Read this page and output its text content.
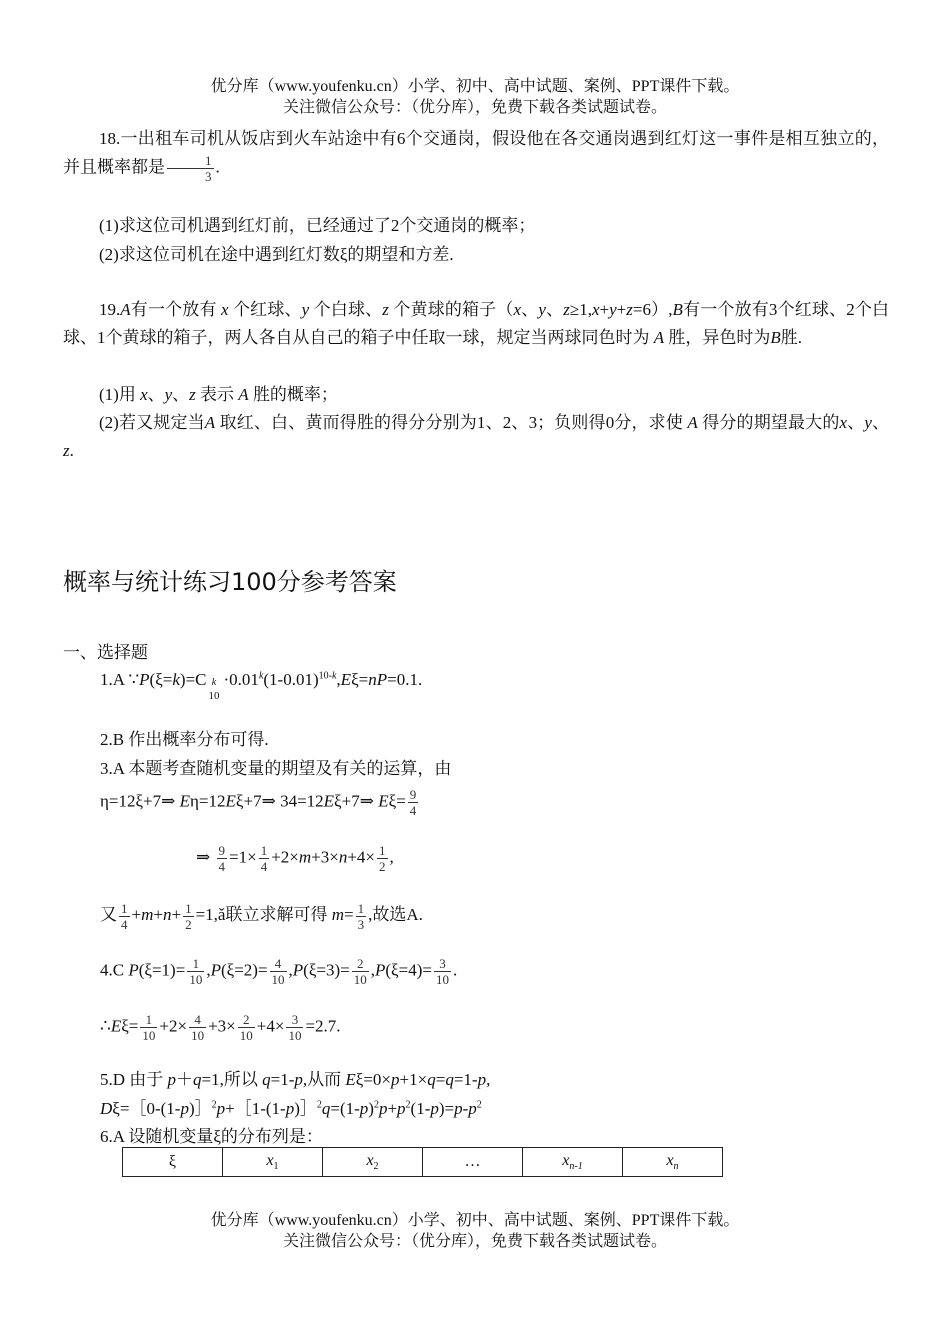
优分库（www.youfenku.cn）小学、初中、高中试题、案例、PPT课件下载。
关注微信公众号：（优分库），免费下载各类试题试卷。
18.一出租车司机从饭店到火车站途中有6个交通岗，假设他在各交通岗遇到红灯这一事件是相互独立的，并且概率都是 $\frac{1}{3}$ .
(1)求这位司机遇到红灯前，已经通过了2个交通岗的概率；
(2)求这位司机在途中遇到红灯数ξ的期望和方差.
19.A有一个放有 x 个红球、y 个白球、z 个黄球的箱子（x、y、z≥1,x+y+z=6）,B有一个放有3个红球、2个白球、1个黄球的箱子，两人各自从自己的箱子中任取一球，规定当两球同色时为 A 胜，异色时为B胜.
(1)用 x、y、z 表示 A 胜的概率；
(2)若又规定当A 取红、白、黄而得胜的得分分别为1、2、3；负则得0分，求使 A 得分的期望最大的x、y、z.
概率与统计练习100分参考答案
一、选择题
1.A ∵P(ξ=k)=C k
10
$\cdot 0.01^k(1-0.01)^{10-k},E\xi=nP=0.1$.
2.B 作出概率分布可得.
3.A 本题考查随机变量的期望及有关的运算，由
η=12ξ+7⇒ Eη=12Eξ+7⇒ 34=12Eξ+7⇒ $E\xi= \frac{9}{4}$
⇒ $\frac{9}{4} =1\times \frac{1}{4} +2\times m+3\times n+4\times \frac{1}{2}$ ,
又 $\frac{1}{4} +m+n+ \frac{1}{2}$ =1,ǎ联立求解可得 $m= \frac{1}{3}$ ,故选A.
4.C $P(\xi=1)= \frac{1}{10} ,P(\xi=2)= \frac{4}{10} ,P(\xi=3)= \frac{2}{10} ,P(\xi=4)= \frac{3}{10}$ .
∴Eξ= $\frac{1}{10} +2\times \frac{4}{10} +3\times \frac{2}{10} +4\times \frac{3}{10} =2.7$.
5.D 由于 p＋q=1,所以 q=1-p,从而 Eξ=0×p+1×q=q=1-p,
$D\xi=[0-(1-p)]^2p+[1-(1-p)]^2q=(1-p)^2p+p^2(1-p)=p-p^2$
6.A 设随机变量ξ的分布列是：
ξ	$x_1$	$x_2$	…	$x_{n-1}$	$x_n$
优分库（www.youfenku.cn）小学、初中、高中试题、案例、PPT课件下载。
关注微信公众号：（优分库），免费下载各类试题试卷。
